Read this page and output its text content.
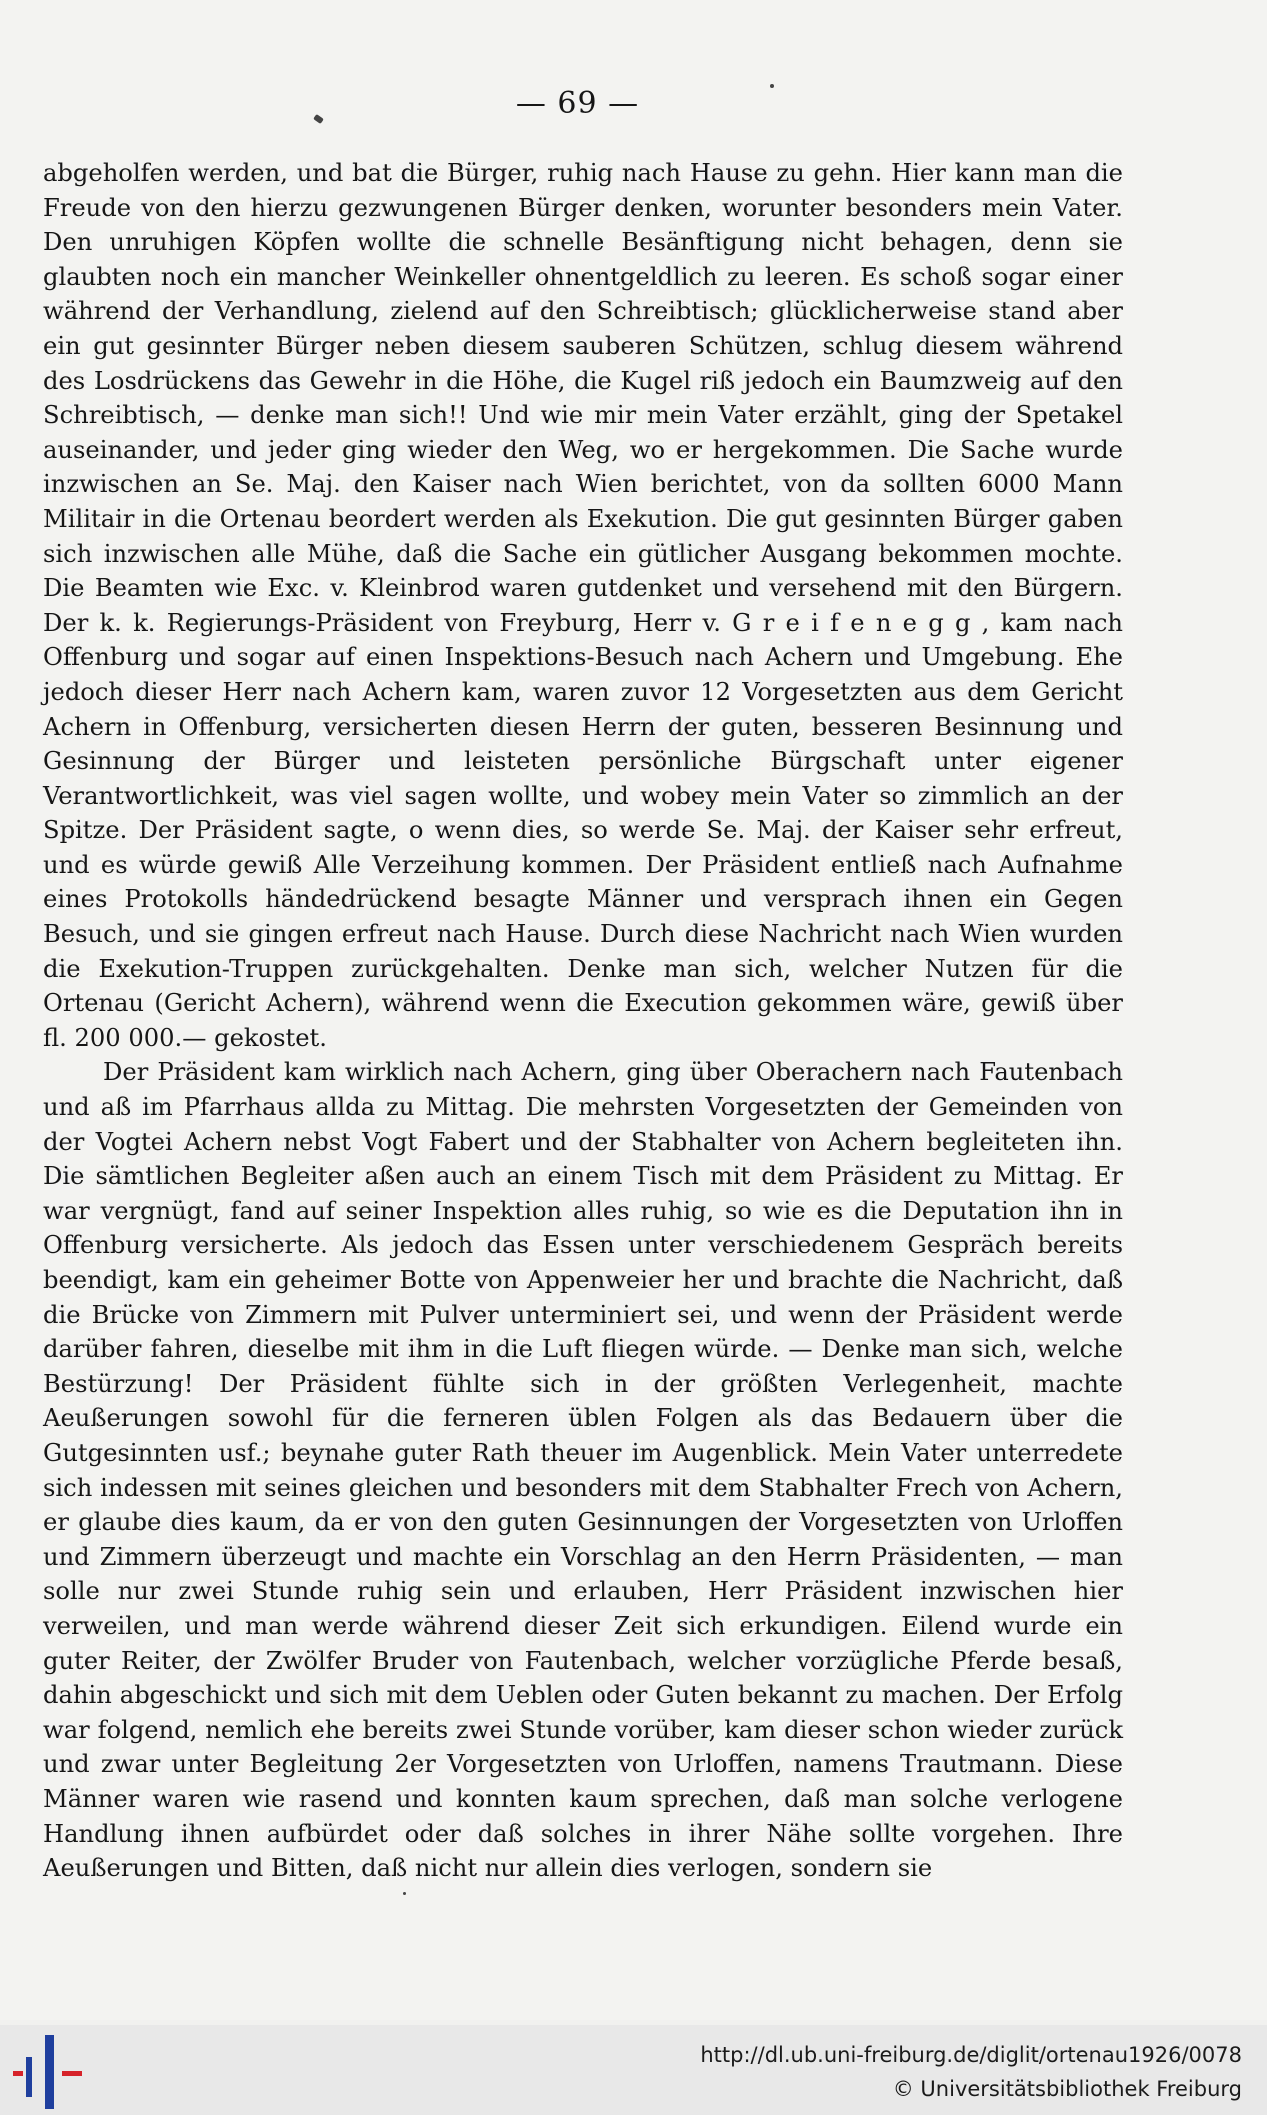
— 69 —

abgeholfen werden, und bat die Bürger, ruhig nach Hause zu gehn. Hier kann man die Freude von den hierzu gezwungenen Bürger denken, worunter besonders mein Vater. Den unruhigen Köpfen wollte die schnelle Besänftigung nicht behagen, denn sie glaubten noch ein mancher Weinkeller ohnentgeldlich zu leeren. Es schoß sogar einer während der Verhandlung, zielend auf den Schreibtisch; glücklicherweise stand aber ein gut gesinnter Bürger neben diesem sauberen Schützen, schlug diesem während des Losdrückens das Gewehr in die Höhe, die Kugel riß jedoch ein Baumzweig auf den Schreibtisch, — denke man sich!! Und wie mir mein Vater erzählt, ging der Spetakel auseinander, und jeder ging wieder den Weg, wo er hergekommen. Die Sache wurde inzwischen an Se. Maj. den Kaiser nach Wien berichtet, von da sollten 6000 Mann Militair in die Ortenau beordert werden als Exekution. Die gut gesinnten Bürger gaben sich inzwischen alle Mühe, daß die Sache ein gütlicher Ausgang bekommen mochte. Die Beamten wie Exc. v. Kleinbrod waren gutdenket und versehend mit den Bürgern. Der k. k. Regierungs-Präsident von Freyburg, Herr v. G r e i f e n e g g , kam nach Offenburg und sogar auf einen Inspektions-Besuch nach Achern und Umgebung. Ehe jedoch dieser Herr nach Achern kam, waren zuvor 12 Vorgesetzten aus dem Gericht Achern in Offenburg, versicherten diesen Herrn der guten, besseren Besinnung und Gesinnung der Bürger und leisteten persönliche Bürgschaft unter eigener Verantwortlichkeit, was viel sagen wollte, und wobey mein Vater so zimmlich an der Spitze. Der Präsident sagte, o wenn dies, so werde Se. Maj. der Kaiser sehr erfreut, und es würde gewiß Alle Verzeihung kommen. Der Präsident entließ nach Aufnahme eines Protokolls händedrückend besagte Männer und versprach ihnen ein Gegen Besuch, und sie gingen erfreut nach Hause. Durch diese Nachricht nach Wien wurden die Exekution-Truppen zurückgehalten. Denke man sich, welcher Nutzen für die Ortenau (Gericht Achern), während wenn die Execution gekommen wäre, gewiß über fl. 200 000.— gekostet.

Der Präsident kam wirklich nach Achern, ging über Oberachern nach Fautenbach und aß im Pfarrhaus allda zu Mittag. Die mehrsten Vorgesetzten der Gemeinden von der Vogtei Achern nebst Vogt Fabert und der Stabhalter von Achern begleiteten ihn. Die sämtlichen Begleiter aßen auch an einem Tisch mit dem Präsident zu Mittag. Er war vergnügt, fand auf seiner Inspektion alles ruhig, so wie es die Deputation ihn in Offenburg versicherte. Als jedoch das Essen unter verschiedenem Gespräch bereits beendigt, kam ein geheimer Botte von Appenweier her und brachte die Nachricht, daß die Brücke von Zimmern mit Pulver unterminiert sei, und wenn der Präsident werde darüber fahren, dieselbe mit ihm in die Luft fliegen würde. — Denke man sich, welche Bestürzung! Der Präsident fühlte sich in der größten Verlegenheit, machte Aeußerungen sowohl für die ferneren üblen Folgen als das Bedauern über die Gutgesinnten usf.; beynahe guter Rath theuer im Augenblick. Mein Vater unterredete sich indessen mit seines gleichen und besonders mit dem Stabhalter Frech von Achern, er glaube dies kaum, da er von den guten Gesinnungen der Vorgesetzten von Urloffen und Zimmern überzeugt und machte ein Vorschlag an den Herrn Präsidenten, — man solle nur zwei Stunde ruhig sein und erlauben, Herr Präsident inzwischen hier verweilen, und man werde während dieser Zeit sich erkundigen. Eilend wurde ein guter Reiter, der Zwölfer Bruder von Fautenbach, welcher vorzügliche Pferde besaß, dahin abgeschickt und sich mit dem Ueblen oder Guten bekannt zu machen. Der Erfolg war folgend, nemlich ehe bereits zwei Stunde vorüber, kam dieser schon wieder zurück und zwar unter Begleitung 2er Vorgesetzten von Urloffen, namens Trautmann. Diese Männer waren wie rasend und konnten kaum sprechen, daß man solche verlogene Handlung ihnen aufbürdet oder daß solches in ihrer Nähe sollte vorgehen. Ihre Aeußerungen und Bitten, daß nicht nur allein dies verlogen, sondern sie

http://dl.ub.uni-freiburg.de/diglit/ortenau1926/0078
© Universitätsbibliothek Freiburg
